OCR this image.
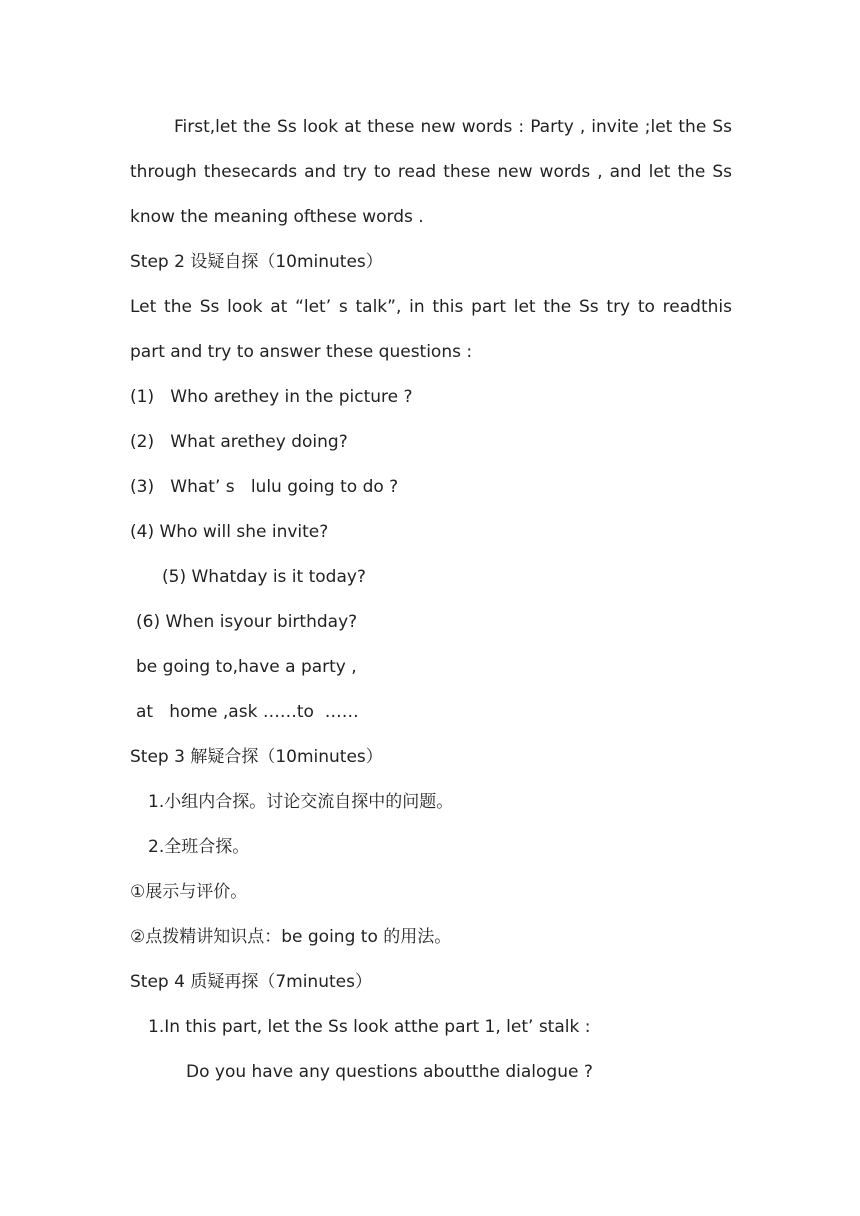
First,let the Ss look at these new words : Party , invite ;let the Ss
through thesecards and try to read these new words , and let the Ss
know the meaning ofthese words .
Step 2 设疑自探（10minutes）
Let the Ss look at “let’ s talk”, in this part let the Ss try to readthis
part and try to answer these questions :
(1)   Who arethey in the picture ?
(2)   What arethey doing?
(3)   What’ s   lulu going to do ?
(4) Who will she invite?
(5) Whatday is it today?
(6) When isyour birthday?
be going to,have a party ,
at   home ,ask ……to  ……
Step 3 解疑合探（10minutes）
1.小组内合探。讨论交流自探中的问题。
2.全班合探。
①展示与评价。
②点拨精讲知识点：be going to 的用法。
Step 4 质疑再探（7minutes）
1.In this part, let the Ss look atthe part 1, let’ stalk :
Do you have any questions aboutthe dialogue ?
